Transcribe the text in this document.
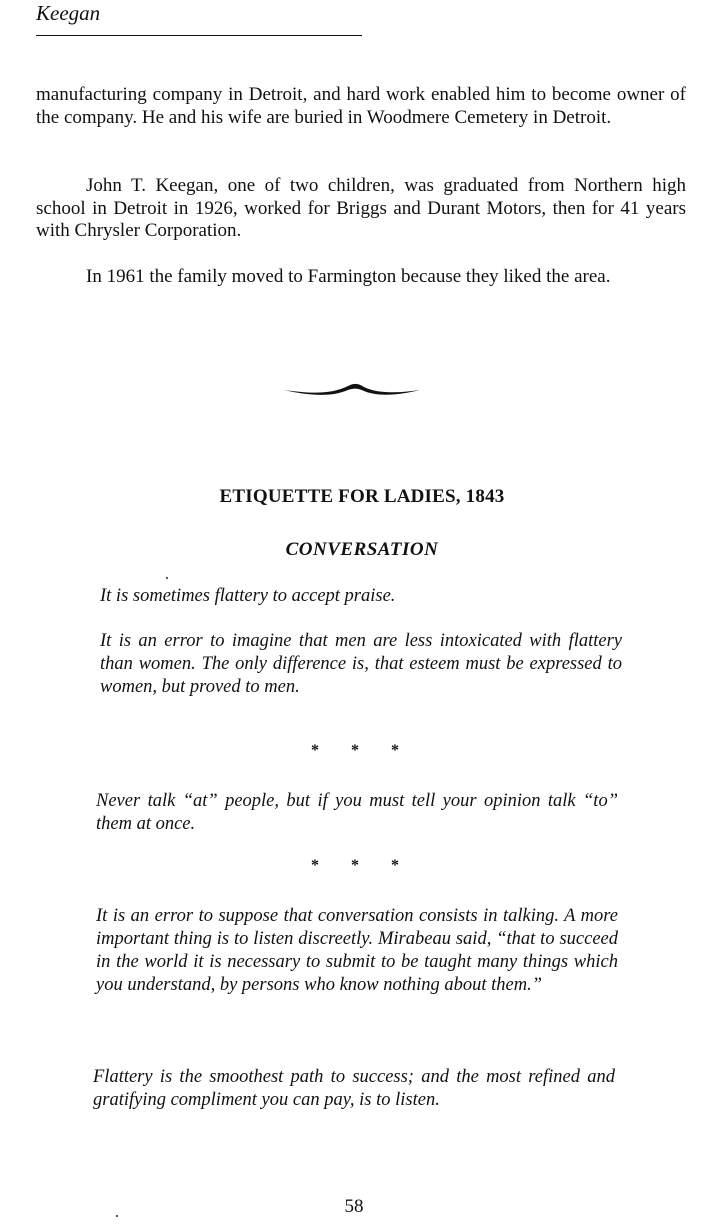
Keegan

manufacturing company in Detroit, and hard work enabled him to become owner of the company. He and his wife are buried in Woodmere Cemetery in Detroit.

John T. Keegan, one of two children, was graduated from Northern high school in Detroit in 1926, worked for Briggs and Durant Motors, then for 41 years with Chrysler Corporation.

In 1961 the family moved to Farmington because they liked the area.

ETIQUETTE FOR LADIES, 1843
CONVERSATION

It is sometimes flattery to accept praise.

It is an error to imagine that men are less intoxicated with flattery than women. The only difference is, that esteem must be expressed to women, but proved to men.

* * *

Never talk “at” people, but if you must tell your opinion talk “to” them at once.

* * *

It is an error to suppose that conversation consists in talking. A more important thing is to listen discreetly. Mirabeau said, “that to succeed in the world it is necessary to submit to be taught many things which you understand, by persons who know nothing about them.”

Flattery is the smoothest path to success; and the most refined and gratifying compliment you can pay, is to listen.

58
